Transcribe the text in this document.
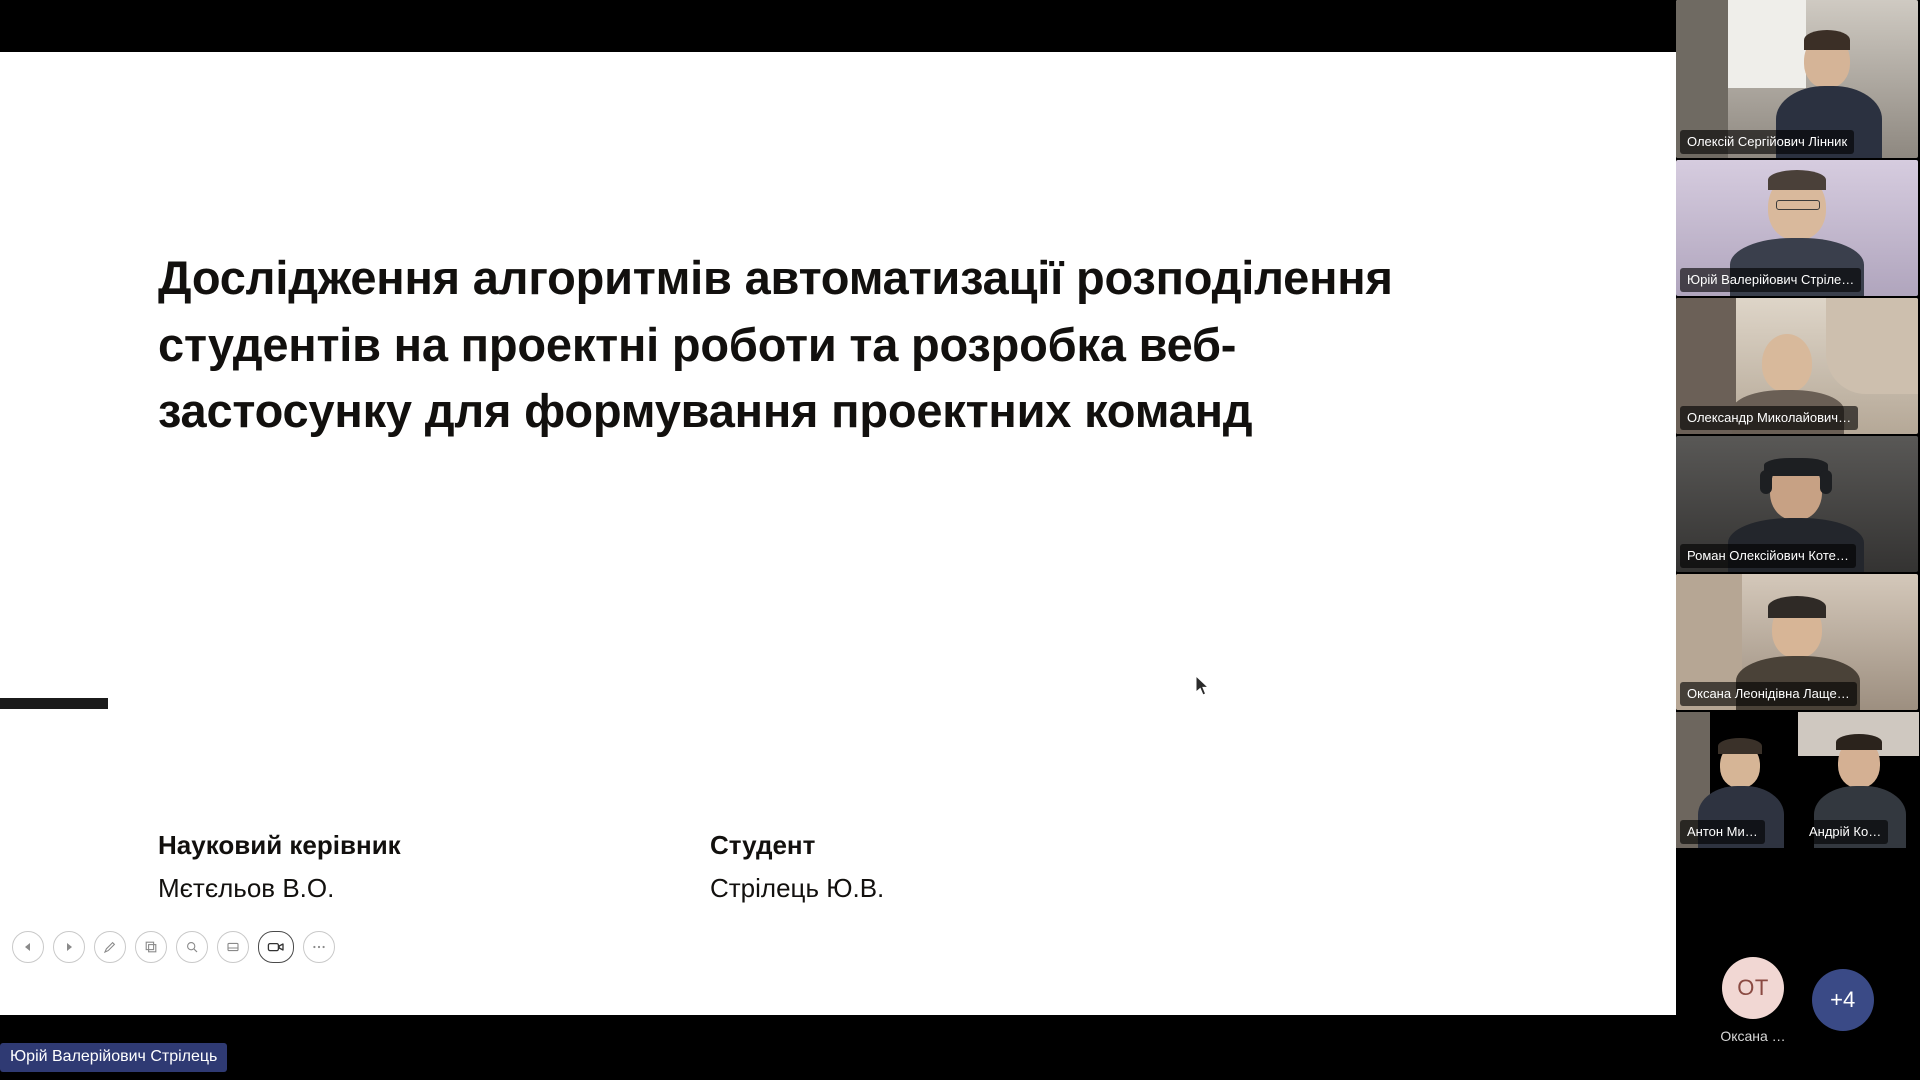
Дослідження алгоритмів автоматизації розподілення студентів на проектні роботи та розробка веб-застосунку для формування проектних команд
Науковий керівник
Мєтєльов В.О.
Студент
Стрілець Ю.В.
Юрій Валерійович Стрілець
Олексій Сергійович Лінник
Юрій Валерійович Стріле…
Олександр Миколайович…
Роман Олексійович Коте…
Оксана Леонідівна Лаще…
Антон Ми…	Андрій Ко…
ОТ
Оксана …
+4
